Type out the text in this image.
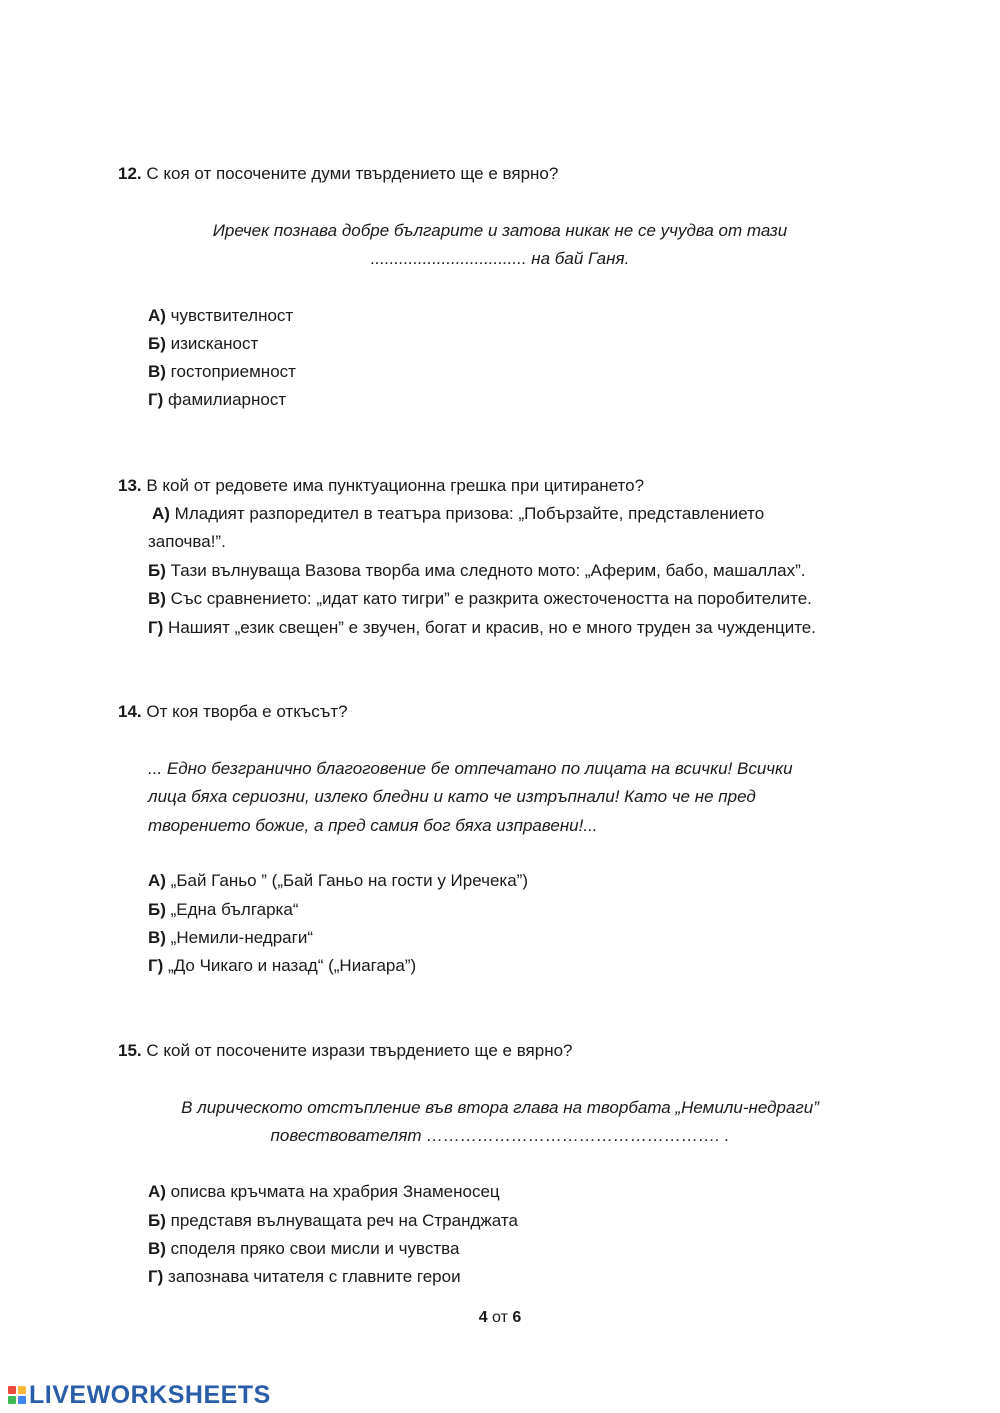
12. С коя от посочените думи твърдението ще е вярно?
Иречек познава добре българите и затова никак не се учудва от тази
................................. на бай Ганя.
А) чувствителност
Б) изисканост
В) гостоприемност
Г) фамилиарност
13. В кой от редовете има пунктуационна грешка при цитирането?
А) Младият разпоредител в театъра призова: „Побързайте, представлението
започва!”.
Б) Тази вълнуваща Вазова творба има следното мото: „Аферим, бабо, машаллах”.
В) Със сравнението: „идат като тигри” е разкрита ожесточеността на поробителите.
Г) Нашият „език свещен” е звучен, богат и красив, но е много труден за чужденците.
14. От коя творба е откъсът?
... Едно безгранично благоговение бе отпечатано по лицата на всички! Всички
лица бяха сериозни, излеко бледни и като че изтръпнали! Като че не пред
творението божие, а пред самия бог бяха изправени!...
А) „Бай Ганьо ” („Бай Ганьо на гости у Иречека”)
Б) „Една българка“
В) „Немили-недраги“
Г) „До Чикаго и назад“ („Ниагара”)
15. С кой от посочените изрази твърдението ще е вярно?
В лирическото отстъпление във втора глава на творбата „Немили-недраги”
повествователят ……………………………………………. .
А) описва кръчмата на храбрия Знаменосец
Б) представя вълнуващата реч на Странджата
В) споделя пряко свои мисли и чувства
Г) запознава читателя с главните герои
4 от 6
LIVEWORKSHEETS
